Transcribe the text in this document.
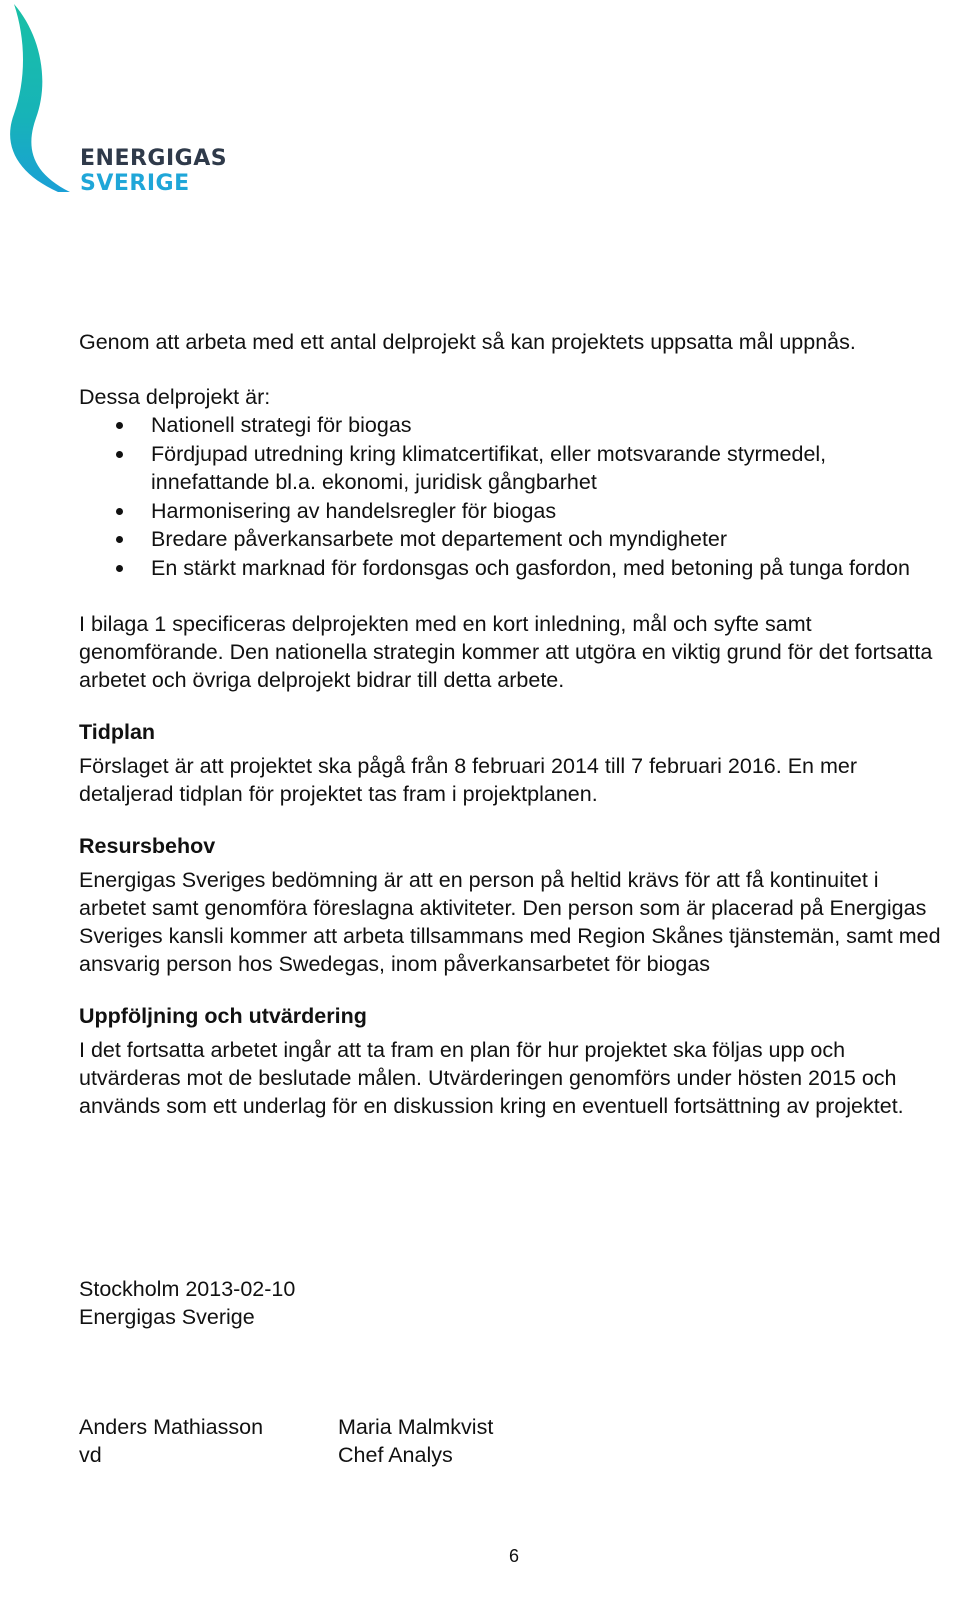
ENERGIGAS
SVERIGE

Genom att arbeta med ett antal delprojekt så kan projektets uppsatta mål uppnås.

Dessa delprojekt är:

Nationell strategi för biogas
Fördjupad utredning kring klimatcertifikat, eller motsvarande styrmedel, innefattande bl.a. ekonomi, juridisk gångbarhet
Harmonisering av handelsregler för biogas
Bredare påverkansarbete mot departement och myndigheter
En stärkt marknad för fordonsgas och gasfordon, med betoning på tunga fordon

I bilaga 1 specificeras delprojekten med en kort inledning, mål och syfte samt genomförande. Den nationella strategin kommer att utgöra en viktig grund för det fortsatta arbetet och övriga delprojekt bidrar till detta arbete.

Tidplan

Förslaget är att projektet ska pågå från 8 februari 2014 till 7 februari 2016. En mer detaljerad tidplan för projektet tas fram i projektplanen.

Resursbehov

Energigas Sveriges bedömning är att en person på heltid krävs för att få kontinuitet i arbetet samt genomföra föreslagna aktiviteter. Den person som är placerad på Energigas Sveriges kansli kommer att arbeta tillsammans med Region Skånes tjänstemän, samt med ansvarig person hos Swedegas, inom påverkansarbetet för biogas

Uppföljning och utvärdering

I det fortsatta arbetet ingår att ta fram en plan för hur projektet ska följas upp och utvärderas mot de beslutade målen. Utvärderingen genomförs under hösten 2015 och används som ett underlag för en diskussion kring en eventuell fortsättning av projektet.

Stockholm 2013-02-10
Energigas Sverige
Anders Mathiasson
vd
Maria Malmkvist
Chef Analys
6
